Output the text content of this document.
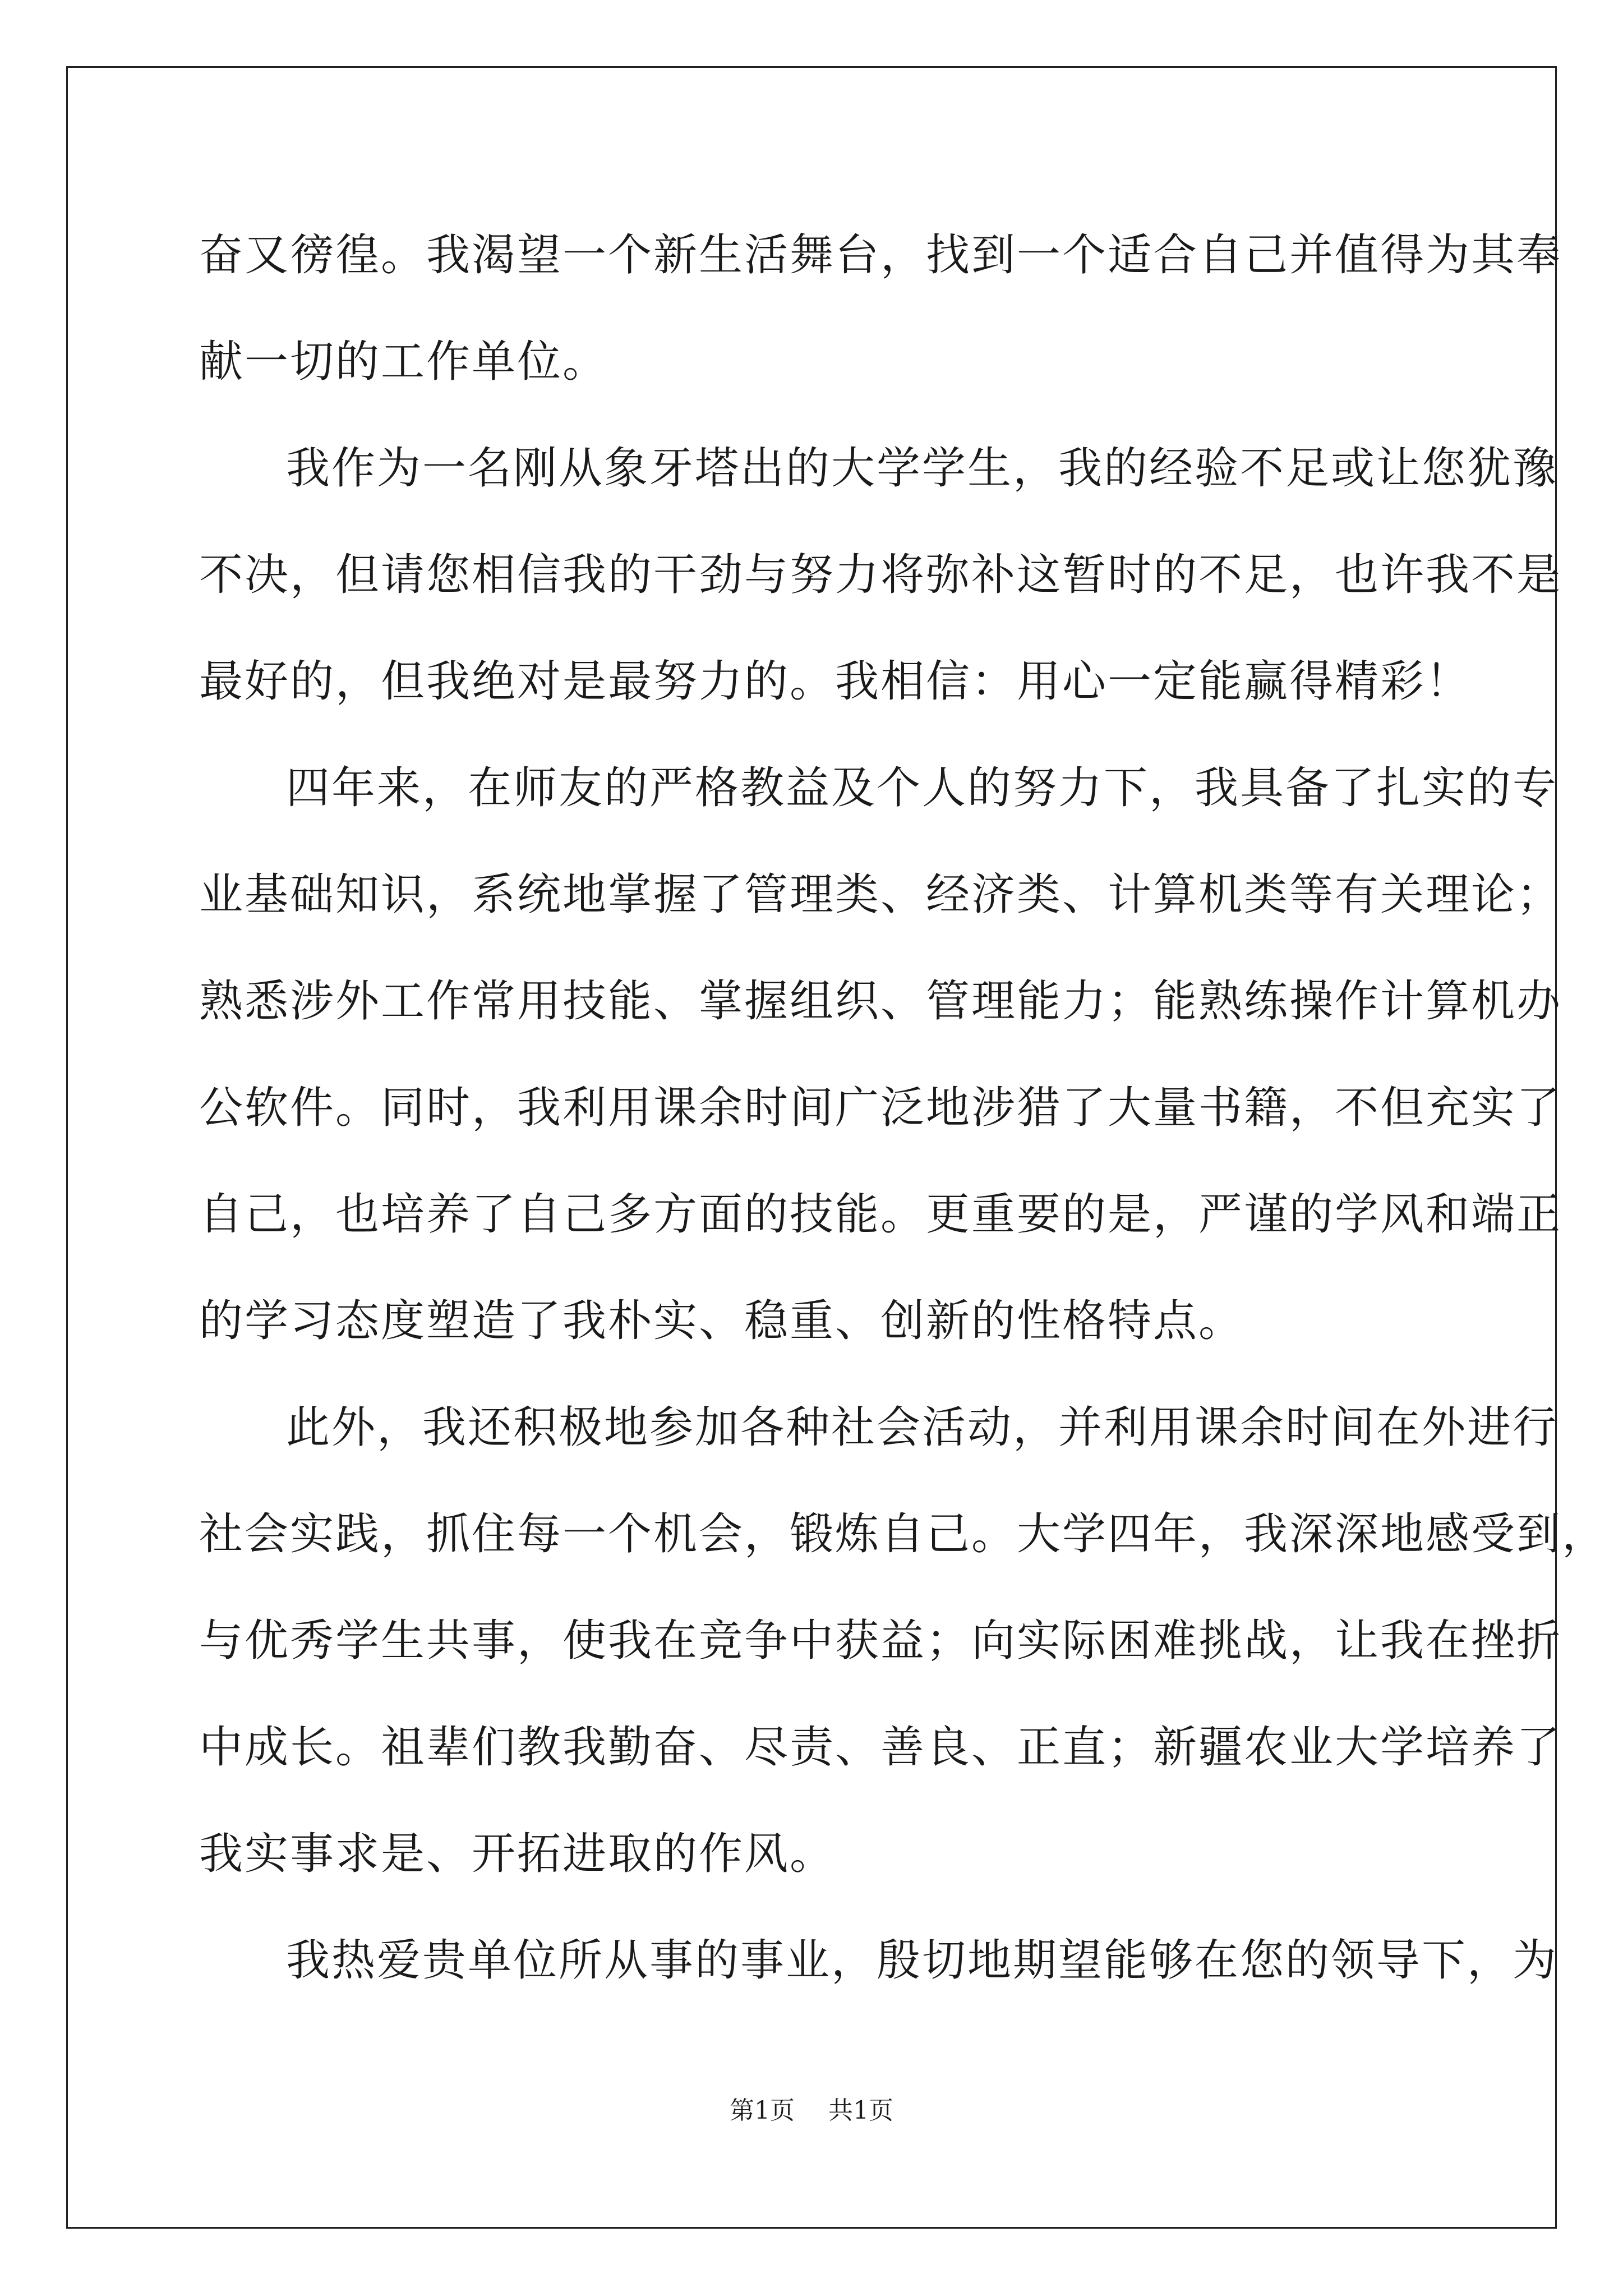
奋又徬徨。我渴望一个新生活舞台，找到一个适合自己并值得为其奉
献一切的工作单位。
我作为一名刚从象牙塔出的大学学生，我的经验不足或让您犹豫
不决，但请您相信我的干劲与努力将弥补这暂时的不足，也许我不是
最好的，但我绝对是最努力的。我相信：用心一定能赢得精彩！
四年来，在师友的严格教益及个人的努力下，我具备了扎实的专
业基础知识，系统地掌握了管理类、经济类、计算机类等有关理论；
熟悉涉外工作常用技能、掌握组织、管理能力；能熟练操作计算机办
公软件。同时，我利用课余时间广泛地涉猎了大量书籍，不但充实了
自己，也培养了自己多方面的技能。更重要的是，严谨的学风和端正
的学习态度塑造了我朴实、稳重、创新的性格特点。
此外，我还积极地参加各种社会活动，并利用课余时间在外进行
社会实践，抓住每一个机会，锻炼自己。大学四年，我深深地感受到，
与优秀学生共事，使我在竞争中获益；向实际困难挑战，让我在挫折
中成长。祖辈们教我勤奋、尽责、善良、正直；新疆农业大学培养了
我实事求是、开拓进取的作风。
我热爱贵单位所从事的事业，殷切地期望能够在您的领导下，为
第1页 共1页
